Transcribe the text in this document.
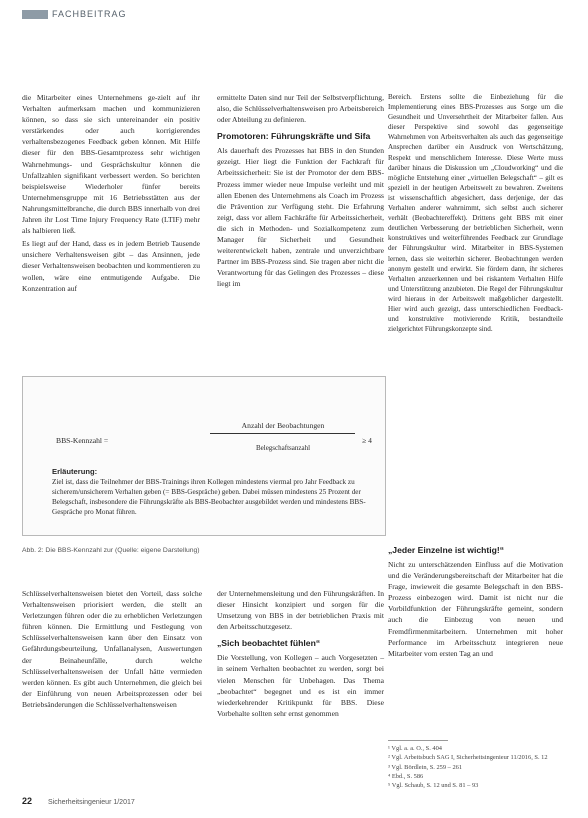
FACHBEITRAG

die Mitarbeiter eines Unternehmens ge-zielt auf ihr Verhalten aufmerksam machen und kommunizieren können, so dass sie sich untereinander ein positiv verstärkendes oder auch korrigierendes verhaltensbezogenes Feedback geben können. Mit Hilfe dieser für den BBS-Gesamtprozess sehr wichtigen Wahrnehmungs- und Gesprächskultur können die Unfallzahlen signifikant verbessert werden. So berichten beispielsweise Wiederholer fünfer bereits Unternehmensgruppe mit 16 Betriebsstätten aus der Nahrungsmittelbranche, die durch BBS innerhalb von drei Jahren ihr Lost Time Injury Frequency Rate (LTIF) mehr als halbieren ließ.

Es liegt auf der Hand, dass es in jedem Betrieb Tausende unsichere Verhaltensweisen gibt – das Ansinnen, jede dieser Verhaltensweisen beobachten und kommentieren zu wollen, wäre eine entmutigende Aufgabe. Die Konzentration auf

ermittelte Daten sind nur Teil der Selbstverpflichtung, also, die Schlüsselverhaltensweisen pro Arbeitsbereich oder Abteilung zu definieren.

Promotoren: Führungskräfte und Sifa

Als dauerhaft des Prozesses hat BBS in den Stunden gezeigt. Hier liegt die Funktion der Fachkraft für Arbeitssicherheit: Sie ist der Promotor der dem BBS-Prozess immer wieder neue Impulse verleiht und mit allen Ebenen des Unternehmens als Coach im Prozess die Prävention zur Verfügung steht. Die Erfahrung zeigt, dass vor allem Fachkräfte für Arbeitssicherheit, die sich in Methoden- und Sozialkompetenz zum Manager für Sicherheit und Gesundheit weiterentwickelt haben, zentrale und unverzichtbare Partner im BBS-Prozess sind. Sie tragen aber nicht die Verantwortung für das Gelingen des Prozesses – diese liegt im

Bereich. Erstens sollte die Einbeziehung für die Implementierung eines BBS-Prozesses aus Sorge um die Gesundheit und Unversehrtheit der Mitarbeiter fallen. Aus dieser Perspektive sind sowohl das gegenseitige Wahrnehmen von Arbeitsverhalten als auch das gegenseitige Ansprechen darüber ein Ausdruck von Wertschätzung, Respekt und menschlichem Interesse. Diese Werte muss darüber hinaus die Diskussion um „Cloudworking“ und die mögliche Entstehung einer „virtuellen Belegschaft“ – gilt es speziell in der heutigen Arbeitswelt zu bewahren. Zweitens ist wissenschaftlich abgesichert, dass derjenige, der das Verhalten anderer wahrnimmt, sich selbst auch sicherer verhält (Beobachtereffekt). Drittens geht BBS mit einer deutlichen Verbesserung der betrieblichen Sicherheit, wenn konstruktives und weiterführendes Feedback zur Grundlage der Führungskultur wird. Mitarbeiter in BBS-Systemen lernen, dass sie weiterhin sicherer. Beobachtungen werden anonym gestellt und erwirkt. Sie fördern dann, ihr sicheres Verhalten anzuerkennen und bei riskantem Verhalten Hilfe und Unterstützung anzubieten. Die Regel der Führungskultur wird hieraus in der Arbeitswelt maßgeblicher dargestellt. Hier wird auch gezeigt, dass unterschiedlichen Feedback- und konstruktive motivierende Kritik, bestandteile zielgerichtet Führungskonzepte sind.

BBS-Kennzahl =
Anzahl der Beobachtungen
Belegschaftsanzahl
≥ 4
Erläuterung:
Ziel ist, dass die Teilnehmer der BBS-Trainings ihren Kollegen mindestens viermal pro Jahr Feedback zu sicherem/unsicherem Verhalten geben (= BBS-Gespräche) geben. Dabei müssen mindestens 25 Prozent der Belegschaft, insbesondere die Führungskräfte als BBS-Beobachter ausgebildet werden und mindestens BBS-Gespräche pro Monat führen.
Abb. 2: Die BBS-Kennzahl zur (Quelle: eigene Darstellung)

Schlüsselverhaltensweisen bietet den Vorteil, dass solche Verhaltensweisen priorisiert werden, die stellt an Verletzungen führen oder die zu erheblichen Verletzungen führen können. Die Ermittlung und Festlegung von Schlüsselverhaltensweisen kann über den Einsatz von Gefährdungsbeurteilung, Unfallanalysen, Auswertungen der Beinaheunfälle, durch welche Schlüsselverhaltensweisen der Unfall hätte vermieden werden können. Es gibt auch Unternehmen, die gleich bei der Einführung von neuen Arbeitsprozessen oder bei Betriebsänderungen die Schlüsselverhaltensweisen

der Unternehmensleitung und den Führungskräften. In dieser Hinsicht konzipiert und sorgen für die Umsetzung von BBS in der betrieblichen Praxis mit den Arbeitsschutzgesetz.

„Sich beobachtet fühlen“

Die Vorstellung, von Kollegen – auch Vorgesetzten – in seinem Verhalten beobachtet zu werden, sorgt bei vielen Menschen für Unbehagen. Das Thema „beobachtet“ begegnet und es ist ein immer wiederkehrender Kritikpunkt für BBS. Diese Vorbehalte sollten sehr ernst genommen

„Jeder Einzelne ist wichtig!“

Nicht zu unterschätzenden Einfluss auf die Motivation und die Veränderungsbereitschaft der Mitarbeiter hat die Frage, inwieweit die gesamte Belegschaft in den BBS-Prozess einbezogen wird. Damit ist nicht nur die Vorbildfunktion der Führungskräfte gemeint, sondern auch die Einbezug von neuen und Fremdfirmenmitarbeitern. Unternehmen mit hoher Performance im Arbeitsschutz integrieren neue Mitarbeiter vom ersten Tag an und

¹ Vgl. a. a. O., S. 404
² Vgl. Arbeitsbuch SAG I, Sicherheitsingenieur 11/2016, S. 12
³ Vgl. Bördlein, S. 259 – 261
⁴ Ebd., S. 586
⁵ Vgl. Schaub, S. 12 und S. 81 – 93
22 Sicherheitsingenieur 1/2017
